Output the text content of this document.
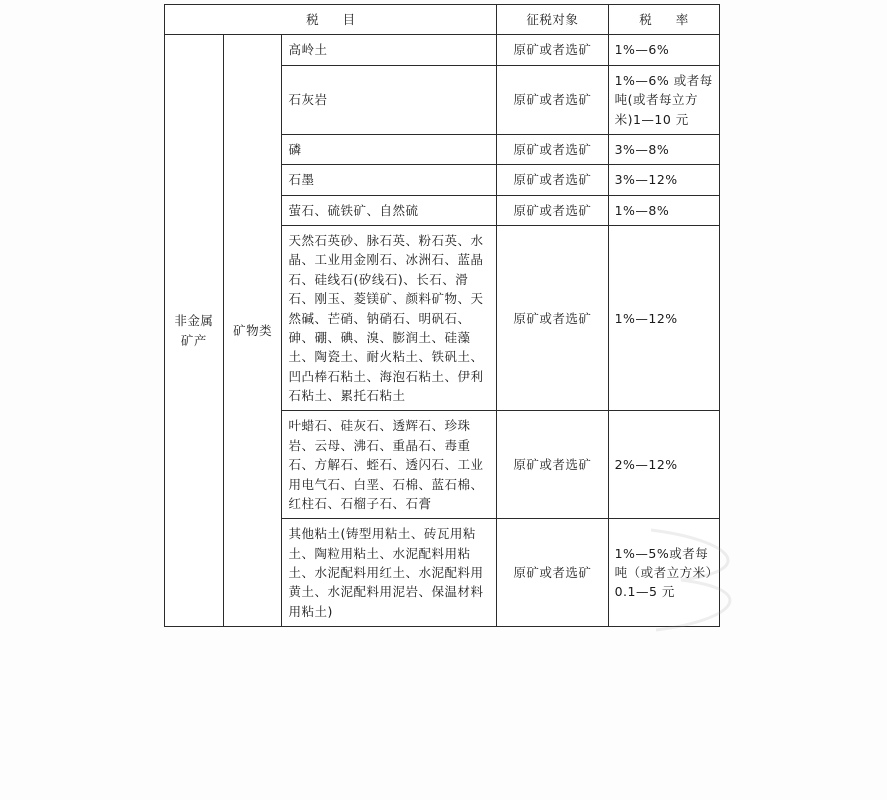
税 目			征税对象	税 率

非金属
矿产	矿物类	高岭土	原矿或者选矿	1%—6%
		石灰岩	原矿或者选矿	1%—6% 或者每吨(或者每立方米)1—10 元
		磷	原矿或者选矿	3%—8%
		石墨	原矿或者选矿	3%—12%
		萤石、硫铁矿、自然硫	原矿或者选矿	1%—8%
		天然石英砂、脉石英、粉石英、水晶、工业用金刚石、冰洲石、蓝晶石、硅线石(矽线石)、长石、滑石、刚玉、菱镁矿、颜料矿物、天然碱、芒硝、钠硝石、明矾石、砷、硼、碘、溴、膨润土、硅藻土、陶瓷土、耐火粘土、铁矾土、凹凸棒石粘土、海泡石粘土、伊利石粘土、累托石粘土	原矿或者选矿	1%—12%
		叶蜡石、硅灰石、透辉石、珍珠岩、云母、沸石、重晶石、毒重石、方解石、蛭石、透闪石、工业用电气石、白垩、石棉、蓝石棉、红柱石、石榴子石、石膏	原矿或者选矿	2%—12%
		其他粘土(铸型用粘土、砖瓦用粘土、陶粒用粘土、水泥配料用粘土、水泥配料用红土、水泥配料用黄土、水泥配料用泥岩、保温材料用粘土)	原矿或者选矿	1%—5%或者每吨（或者立方米）0.1—5 元
